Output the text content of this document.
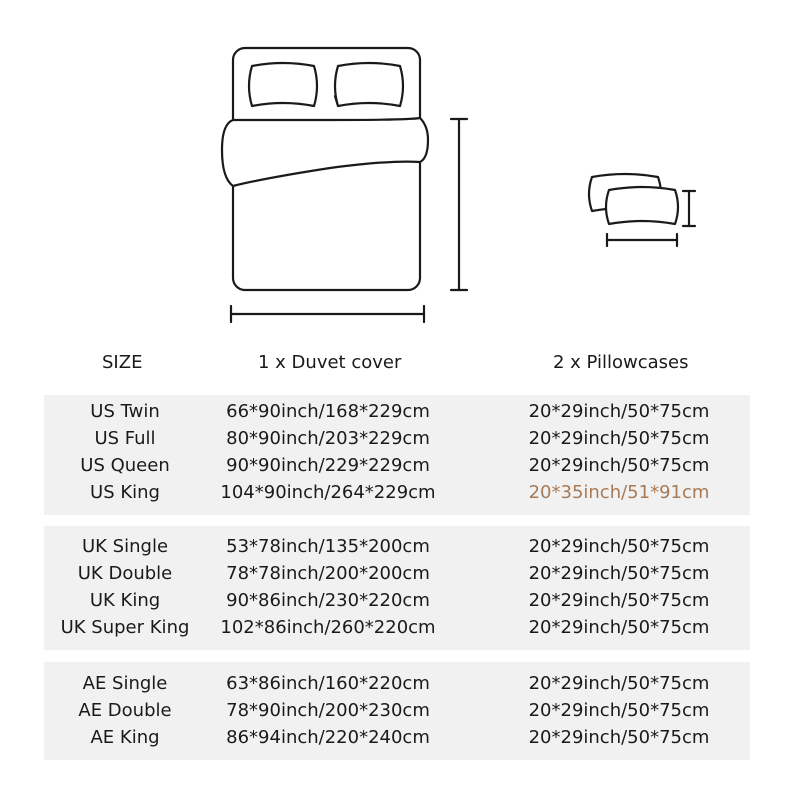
SIZE	1 x Duvet cover	2 x Pillowcases
US Twin	66*90inch/168*229cm	20*29inch/50*75cm
US Full	80*90inch/203*229cm	20*29inch/50*75cm
US Queen	90*90inch/229*229cm	20*29inch/50*75cm
US King	104*90inch/264*229cm	20*35inch/51*91cm
UK Single	53*78inch/135*200cm	20*29inch/50*75cm
UK Double	78*78inch/200*200cm	20*29inch/50*75cm
UK King	90*86inch/230*220cm	20*29inch/50*75cm
UK Super King 102*86inch/260*220cm	20*29inch/50*75cm
AE Single	63*86inch/160*220cm	20*29inch/50*75cm
AE Double	78*90inch/200*230cm	20*29inch/50*75cm
AE King	86*94inch/220*240cm	20*29inch/50*75cm
